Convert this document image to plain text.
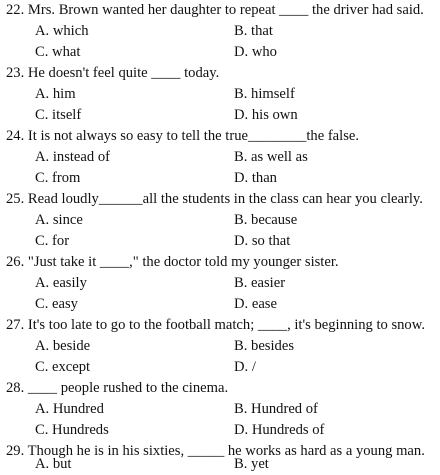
22. Mrs. Brown wanted her daughter to repeat ____ the driver had said.
A. which	B. that
C. what	D. who
23. He doesn't feel quite ____ today.
A. him	B. himself
C. itself	D. his own
24. It is not always so easy to tell the true________the false.
A. instead of	B. as well as
C. from	D. than
25. Read loudly______all the students in the class can hear you clearly.
A. since	B. because
C. for	D. so that
26. "Just take it ____," the doctor told my younger sister.
A. easily	B. easier
C. easy	D. ease
27. It's too late to go to the football match; ____, it's beginning to snow.
A. beside	B. besides
C. except	D. /
28. ____ people rushed to the cinema.
A. Hundred	B. Hundred of
C. Hundreds	D. Hundreds of
29. Though he is in his sixties, _____ he works as hard as a young man.
A. but	B. yet
